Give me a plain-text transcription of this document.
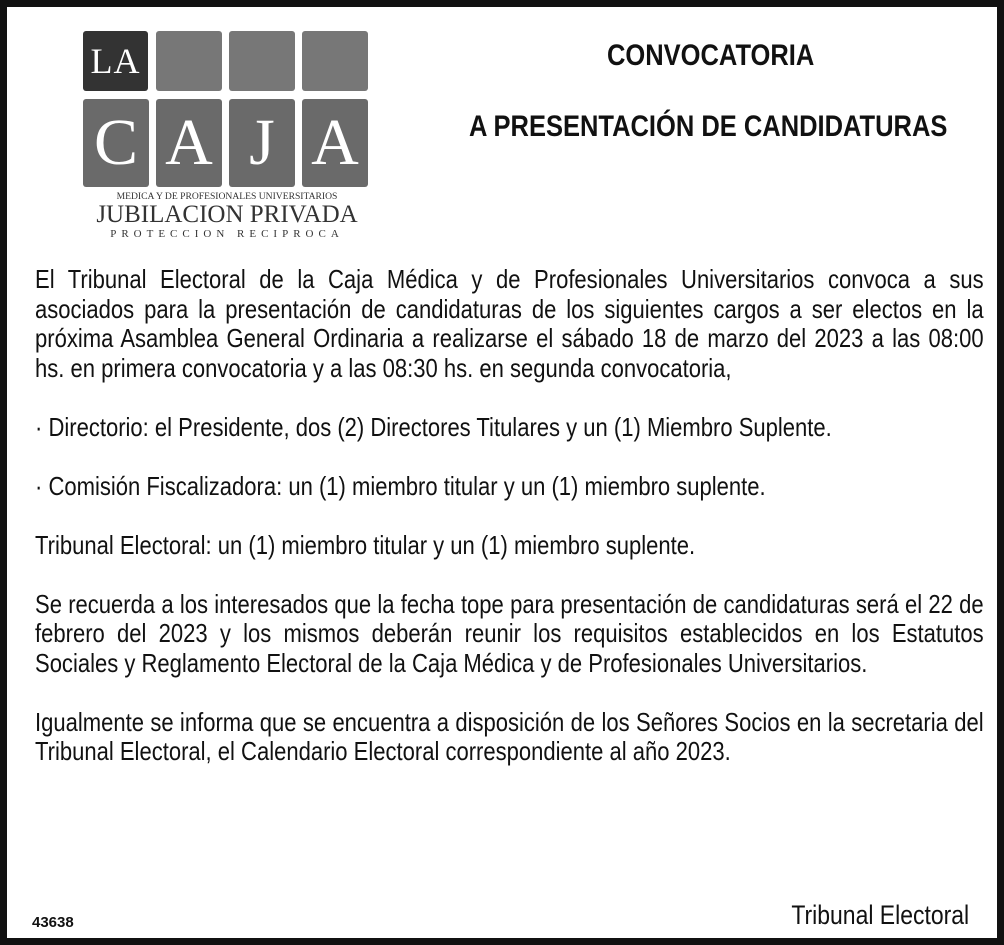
LA
C A J A
MEDICA Y DE PROFESIONALES UNIVERSITARIOS
JUBILACION PRIVADA
PROTECCION RECIPROCA
CONVOCATORIA
A PRESENTACIÓN DE CANDIDATURAS

El Tribunal Electoral de la Caja Médica y de Profesionales Universitarios convoca a sus asociados para la presentación de candidaturas de los siguientes cargos a ser electos en la próxima Asamblea General Ordinaria a realizarse el sábado 18 de marzo del 2023 a las 08:00 hs. en primera convocatoria y a las 08:30 hs. en segunda convocatoria,

· Directorio: el Presidente, dos (2) Directores Titulares y un (1) Miembro Suplente.

· Comisión Fiscalizadora: un (1) miembro titular y un (1) miembro suplente.

Tribunal Electoral: un (1) miembro titular y un (1) miembro suplente.

Se recuerda a los interesados que la fecha tope para presentación de candidaturas será el 22 de febrero del 2023 y los mismos deberán reunir los requisitos establecidos en los Estatutos Sociales y Reglamento Electoral de la Caja Médica y de Profesionales Universitarios.

Igualmente se informa que se encuentra a disposición de los Señores Socios en la secretaria del Tribunal Electoral, el Calendario Electoral correspondiente al año 2023.

43638	Tribunal Electoral
